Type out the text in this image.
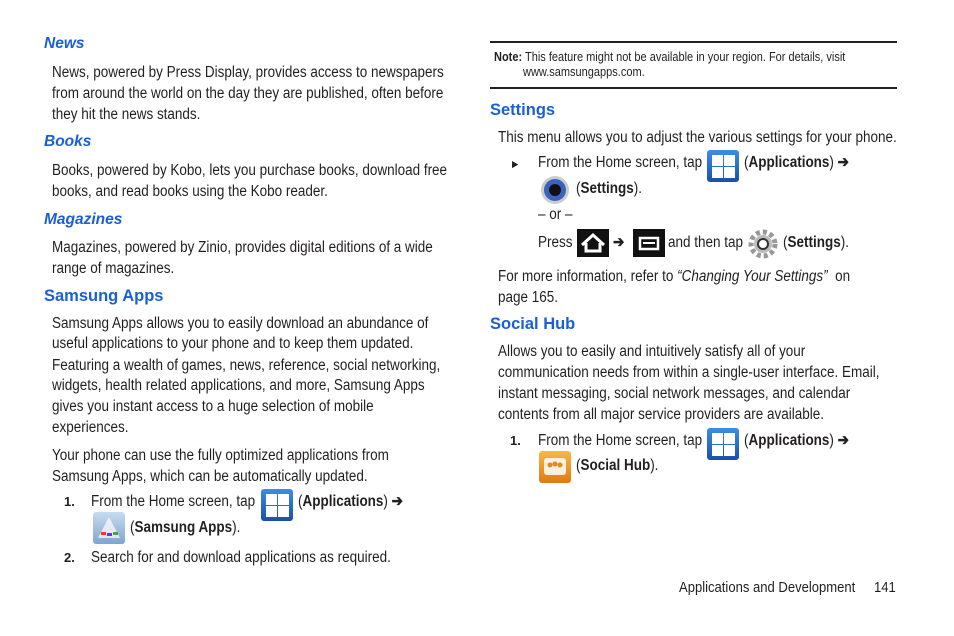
News
News, powered by Press Display, provides access to newspapers
from around the world on the day they are published, often before
they hit the news stands.
Books
Books, powered by Kobo, lets you purchase books, download free
books, and read books using the Kobo reader.
Magazines
Magazines, powered by Zinio, provides digital editions of a wide
range of magazines.
Samsung Apps
Samsung Apps allows you to easily download an abundance of
useful applications to your phone and to keep them updated.
Featuring a wealth of games, news, reference, social networking,
widgets, health related applications, and more, Samsung Apps
gives you instant access to a huge selection of mobile
experiences.
Your phone can use the fully optimized applications from
Samsung Apps, which can be automatically updated.
1. From the Home screen, tap	(Applications) ➔
(Samsung Apps).
2. Search for and download applications as required.
Note: This feature might not be available in your region. For details, visit
www.samsungapps.com.
Settings
This menu allows you to adjust the various settings for your phone.
► From the Home screen, tap	(Applications) ➔
(Settings).
– or –
Press	➔	and then tap	(Settings).
For more information, refer to “Changing Your Settings” on
page 165.
Social Hub
Allows you to easily and intuitively satisfy all of your
communication needs from within a single-user interface. Email,
instant messaging, social network messages, and calendar
contents from all major service providers are available.
1. From the Home screen, tap	(Applications) ➔
(Social Hub).
Applications and Development 141
